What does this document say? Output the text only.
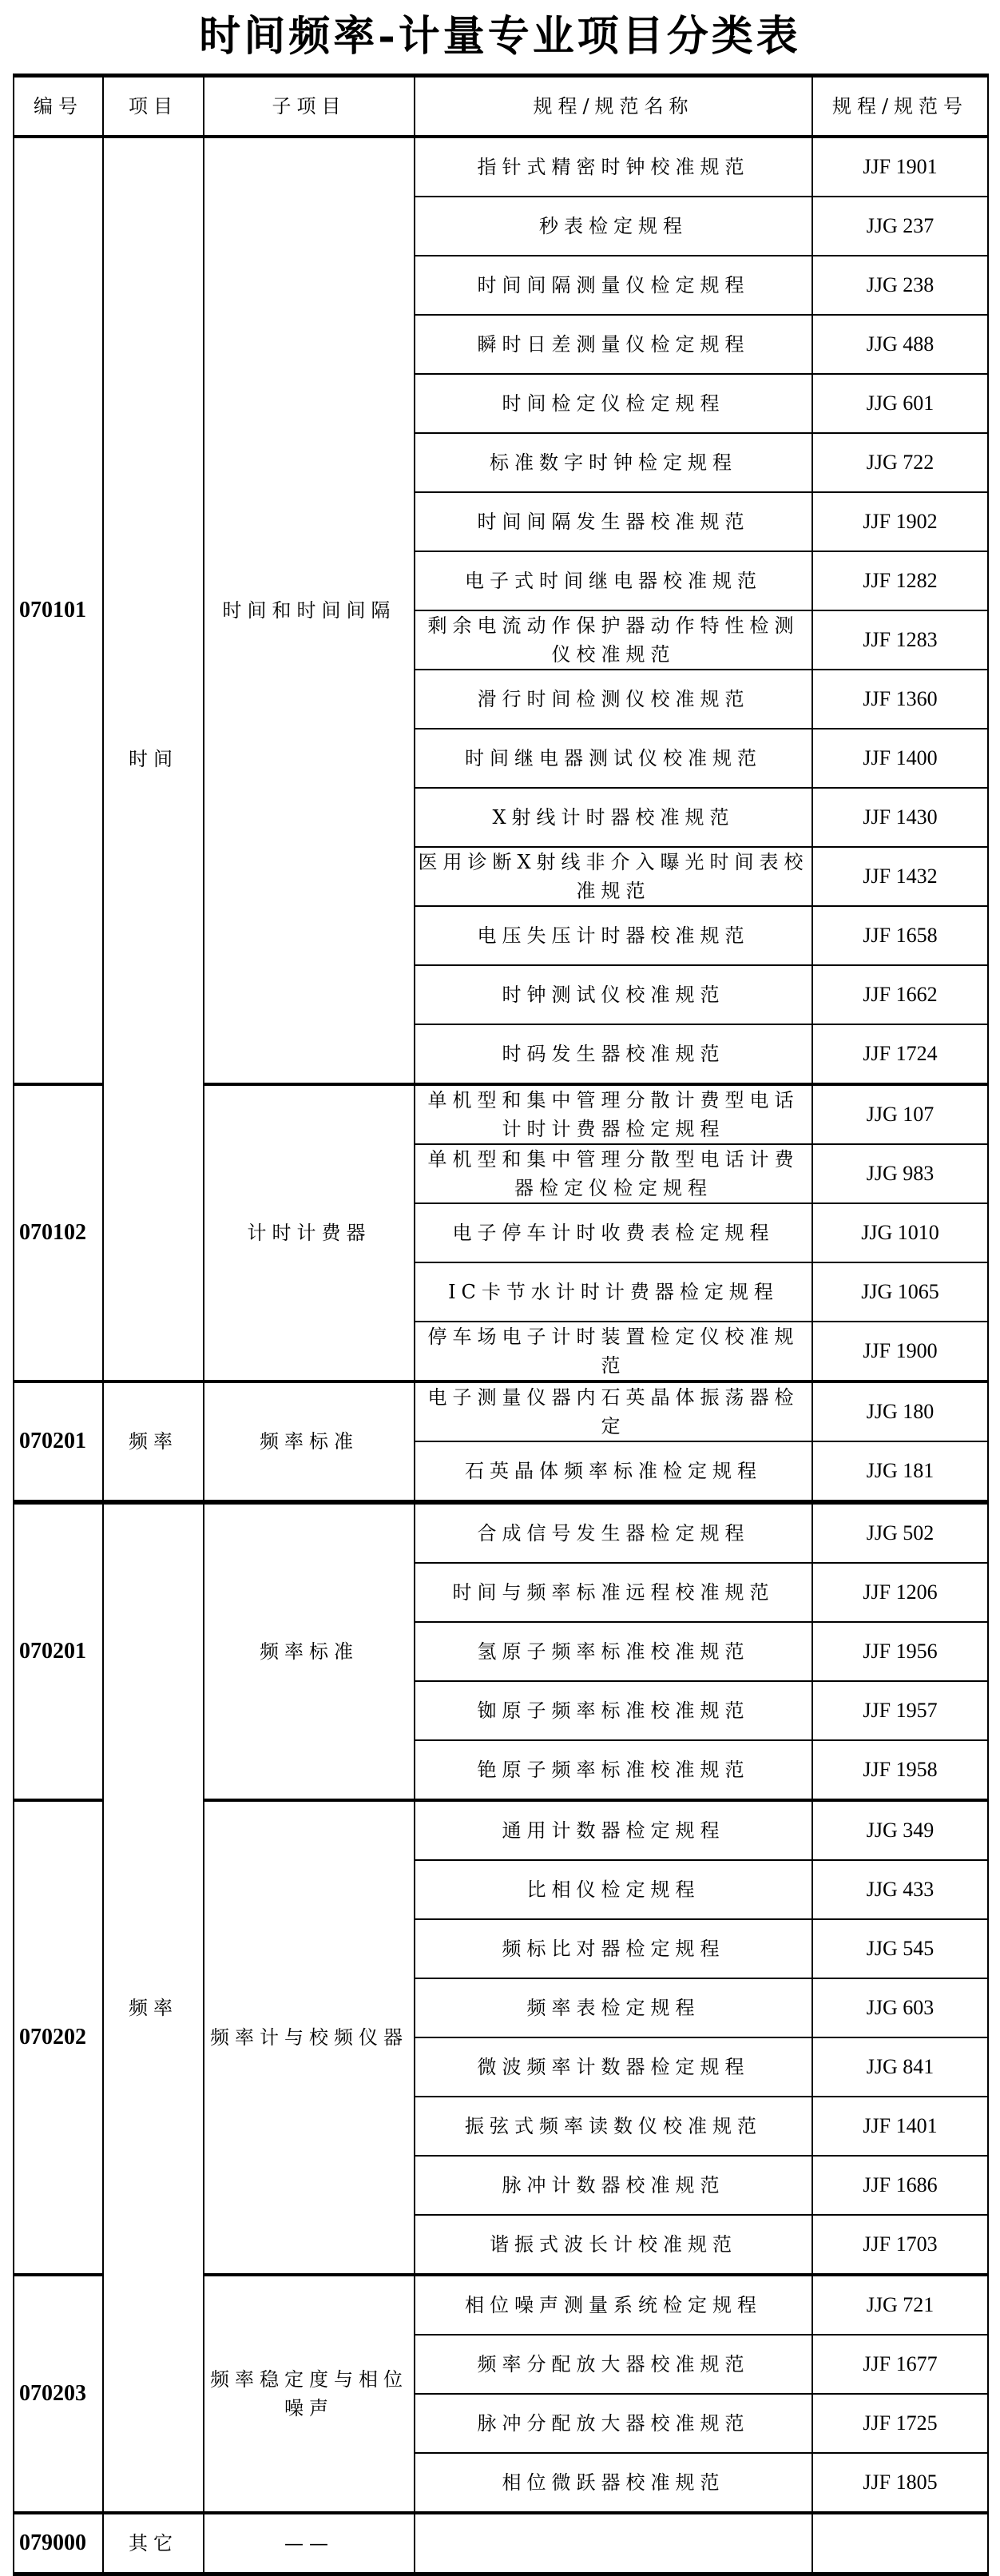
时间频率-计量专业项目分类表
编号	项目	子项目	规程/规范名称	规程/规范号
070101	时间	时间和时间间隔	指针式精密时钟校准规范	JJF 1901
			秒表检定规程	JJG 237
			时间间隔测量仪检定规程	JJG 238
			瞬时日差测量仪检定规程	JJG 488
			时间检定仪检定规程	JJG 601
			标准数字时钟检定规程	JJG 722
			时间间隔发生器校准规范	JJF 1902
			电子式时间继电器校准规范	JJF 1282
			剩余电流动作保护器动作特性检测仪校准规范	JJF 1283
			滑行时间检测仪校准规范	JJF 1360
			时间继电器测试仪校准规范	JJF 1400
			X射线计时器校准规范	JJF 1430
			医用诊断X射线非介入曝光时间表校准规范	JJF 1432
			电压失压计时器校准规范	JJF 1658
			时钟测试仪校准规范	JJF 1662
			时码发生器校准规范	JJF 1724
070102		计时计费器	单机型和集中管理分散计费型电话计时计费器检定规程	JJG 107
			单机型和集中管理分散型电话计费器检定仪检定规程	JJG 983
			电子停车计时收费表检定规程	JJG 1010
			IC卡节水计时计费器检定规程	JJG 1065
			停车场电子计时装置检定仪校准规范	JJF 1900
070201	频率	频率标准	电子测量仪器内石英晶体振荡器检定	JJG 180
			石英晶体频率标准检定规程	JJG 181
070201	频率	频率标准	合成信号发生器检定规程	JJG 502
			时间与频率标准远程校准规范	JJF 1206
			氢原子频率标准校准规范	JJF 1956
			铷原子频率标准校准规范	JJF 1957
			铯原子频率标准校准规范	JJF 1958
070202		频率计与校频仪器	通用计数器检定规程	JJG 349
			比相仪检定规程	JJG 433
			频标比对器检定规程	JJG 545
			频率表检定规程	JJG 603
			微波频率计数器检定规程	JJG 841
			振弦式频率读数仪校准规范	JJF 1401
			脉冲计数器校准规范	JJF 1686
			谐振式波长计校准规范	JJF 1703
070203		频率稳定度与相位噪声	相位噪声测量系统检定规程	JJG 721
			频率分配放大器校准规范	JJF 1677
			脉冲分配放大器校准规范	JJF 1725
			相位微跃器校准规范	JJF 1805
079000	其它	——		
